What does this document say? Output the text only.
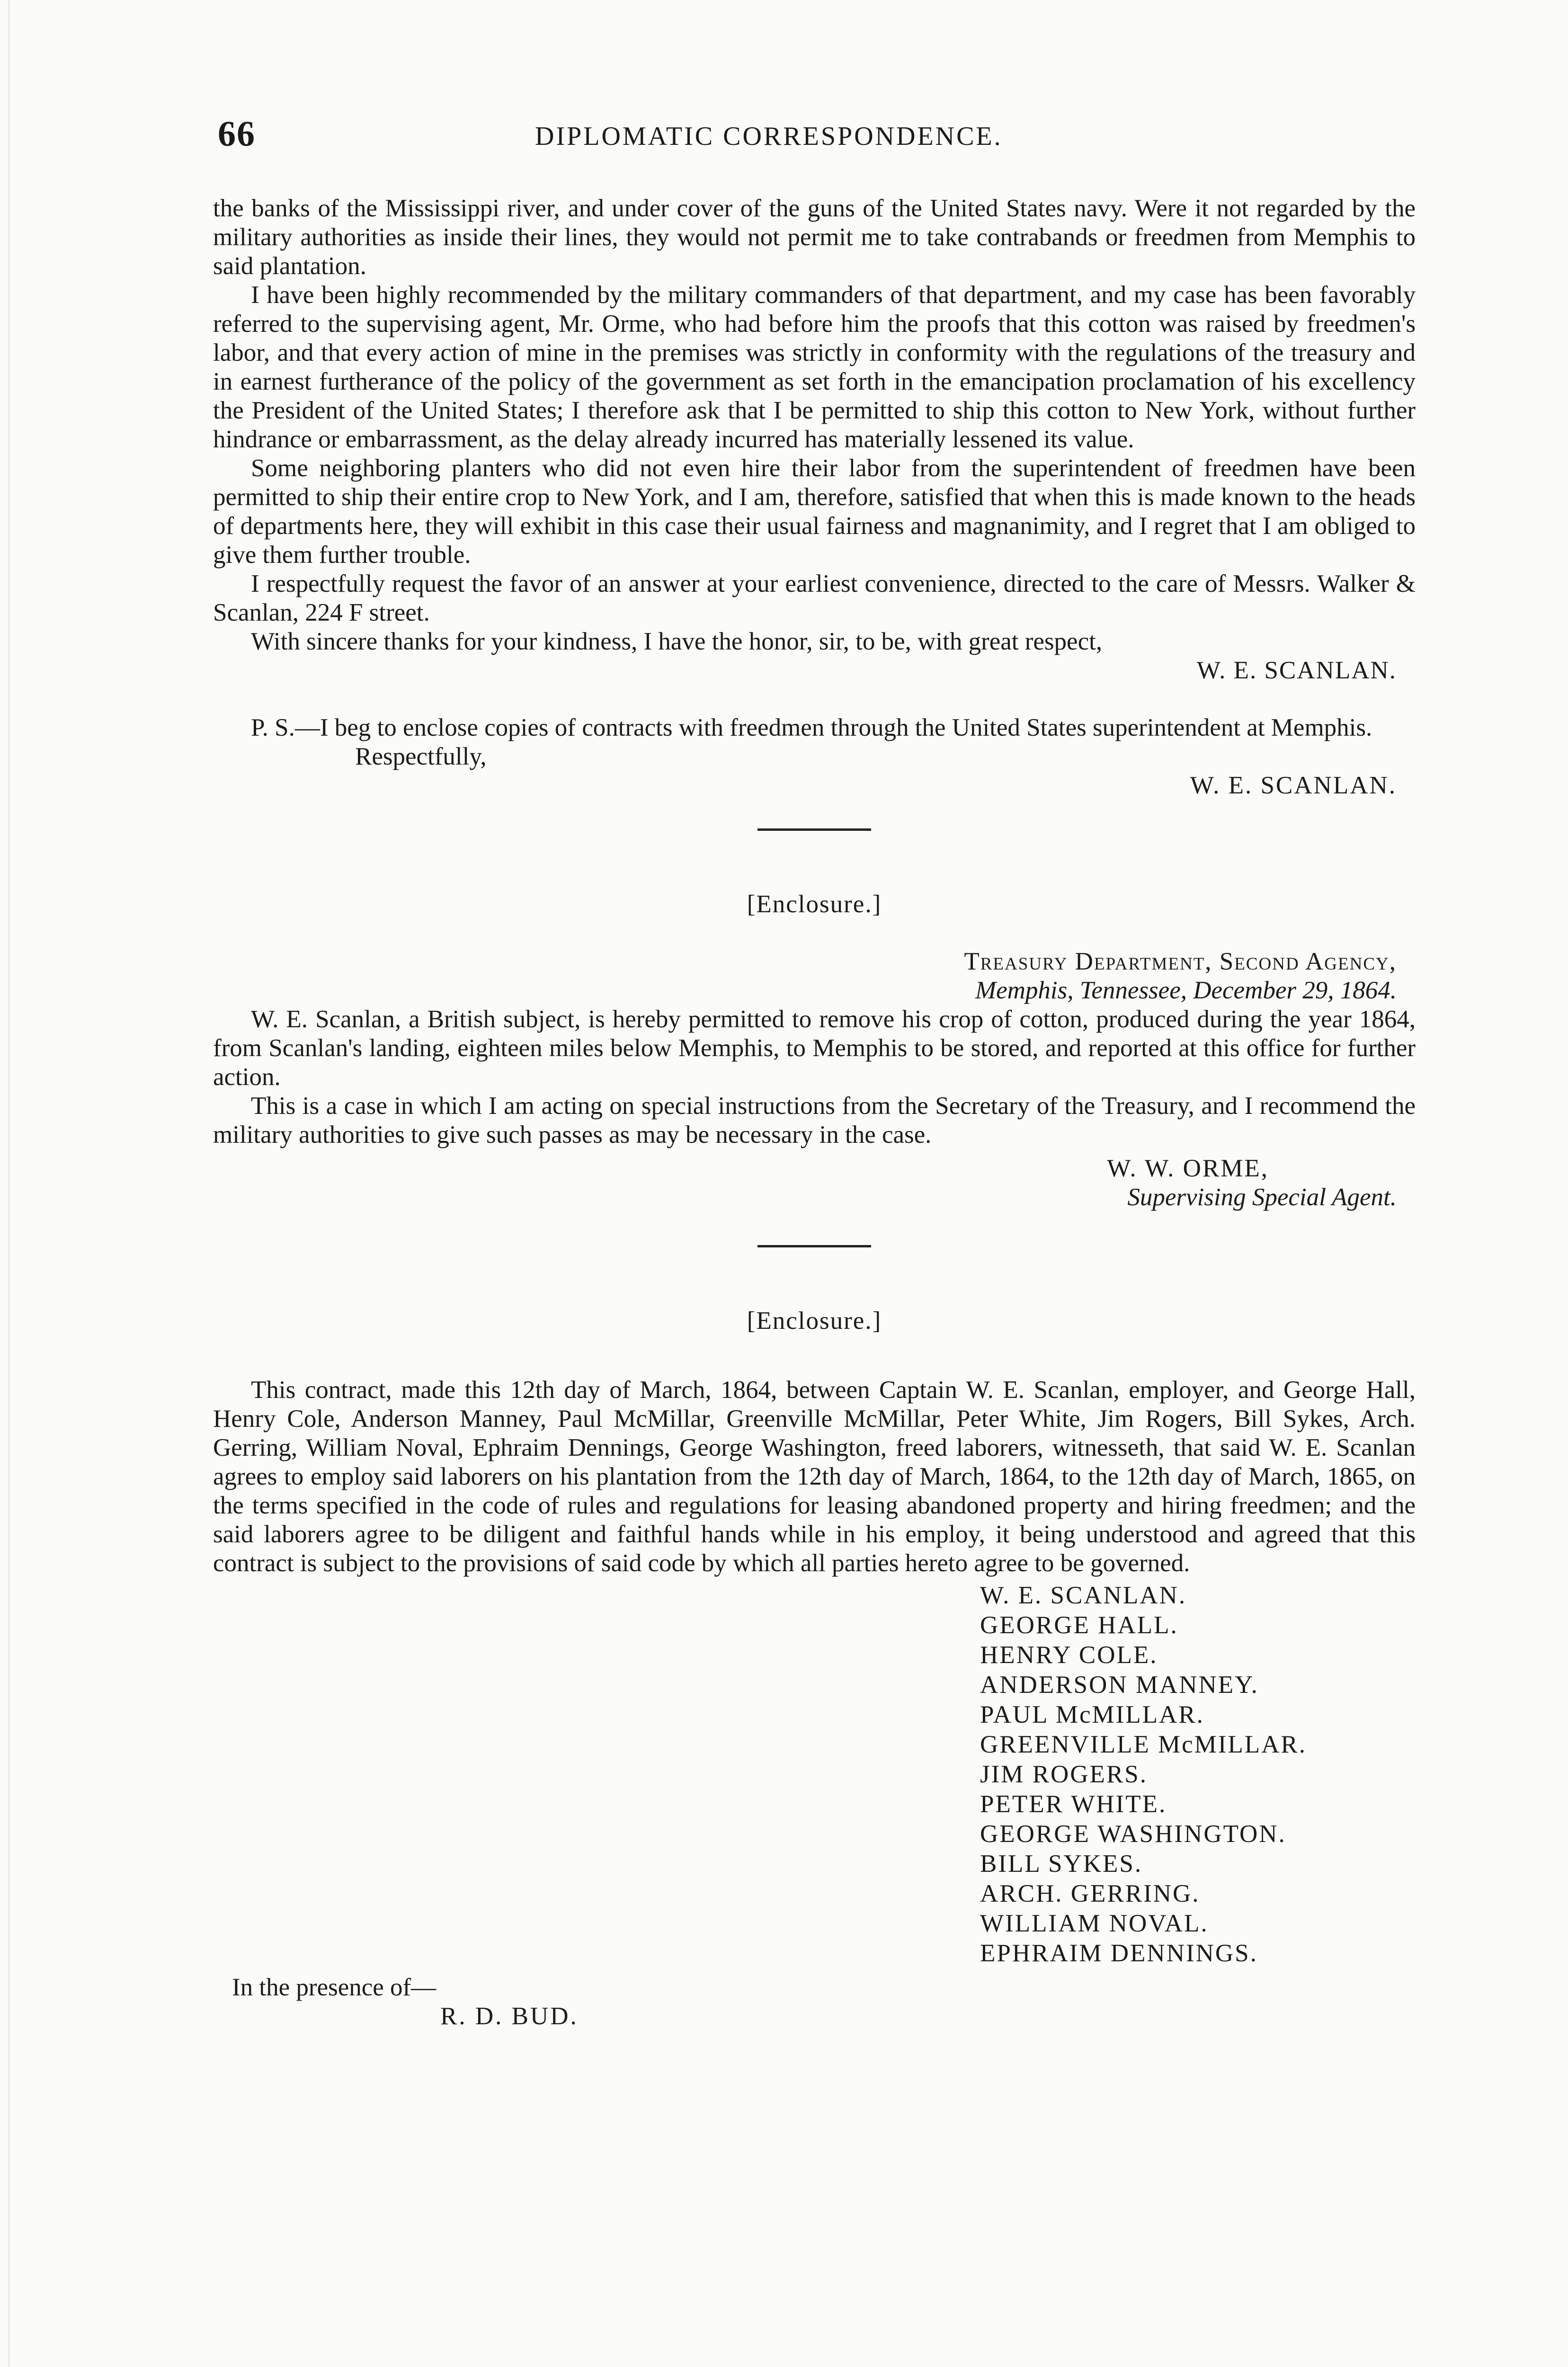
66	DIPLOMATIC CORRESPONDENCE.

the banks of the Mississippi river, and under cover of the guns of the United States navy. Were it not regarded by the military authorities as inside their lines, they would not permit me to take contrabands or freedmen from Memphis to said plantation.

I have been highly recommended by the military commanders of that department, and my case has been favorably referred to the supervising agent, Mr. Orme, who had before him the proofs that this cotton was raised by freedmen's labor, and that every action of mine in the premises was strictly in conformity with the regulations of the treasury and in earnest furtherance of the policy of the government as set forth in the emancipation proclamation of his excellency the President of the United States; I therefore ask that I be permitted to ship this cotton to New York, without further hindrance or embarrassment, as the delay already incurred has materially lessened its value.

Some neighboring planters who did not even hire their labor from the superintendent of freedmen have been permitted to ship their entire crop to New York, and I am, therefore, satisfied that when this is made known to the heads of departments here, they will exhibit in this case their usual fairness and magnanimity, and I regret that I am obliged to give them further trouble.

I respectfully request the favor of an answer at your earliest convenience, directed to the care of Messrs. Walker & Scanlan, 224 F street.

With sincere thanks for your kindness, I have the honor, sir, to be, with great respect,

W. E. SCANLAN.

P. S.—I beg to enclose copies of contracts with freedmen through the United States superintendent at Memphis.

Respectfully,
W. E. SCANLAN.
[Enclosure.]
Treasury Department, Second Agency,
Memphis, Tennessee, December 29, 1864.

W. E. Scanlan, a British subject, is hereby permitted to remove his crop of cotton, produced during the year 1864, from Scanlan's landing, eighteen miles below Memphis, to Memphis to be stored, and reported at this office for further action.

This is a case in which I am acting on special instructions from the Secretary of the Treasury, and I recommend the military authorities to give such passes as may be necessary in the case.

W. W. ORME,
Supervising Special Agent.
[Enclosure.]

This contract, made this 12th day of March, 1864, between Captain W. E. Scanlan, employer, and George Hall, Henry Cole, Anderson Manney, Paul McMillar, Greenville McMillar, Peter White, Jim Rogers, Bill Sykes, Arch. Gerring, William Noval, Ephraim Dennings, George Washington, freed laborers, witnesseth, that said W. E. Scanlan agrees to employ said laborers on his plantation from the 12th day of March, 1864, to the 12th day of March, 1865, on the terms specified in the code of rules and regulations for leasing abandoned property and hiring freedmen; and the said laborers agree to be diligent and faithful hands while in his employ, it being understood and agreed that this contract is subject to the provisions of said code by which all parties hereto agree to be governed.

W. E. SCANLAN.
GEORGE HALL.
HENRY COLE.
ANDERSON MANNEY.
PAUL McMILLAR.
GREENVILLE McMILLAR.
JIM ROGERS.
PETER WHITE.
GEORGE WASHINGTON.
BILL SYKES.
ARCH. GERRING.
WILLIAM NOVAL.
EPHRAIM DENNINGS.
In the presence of—
R. D. BUD.
